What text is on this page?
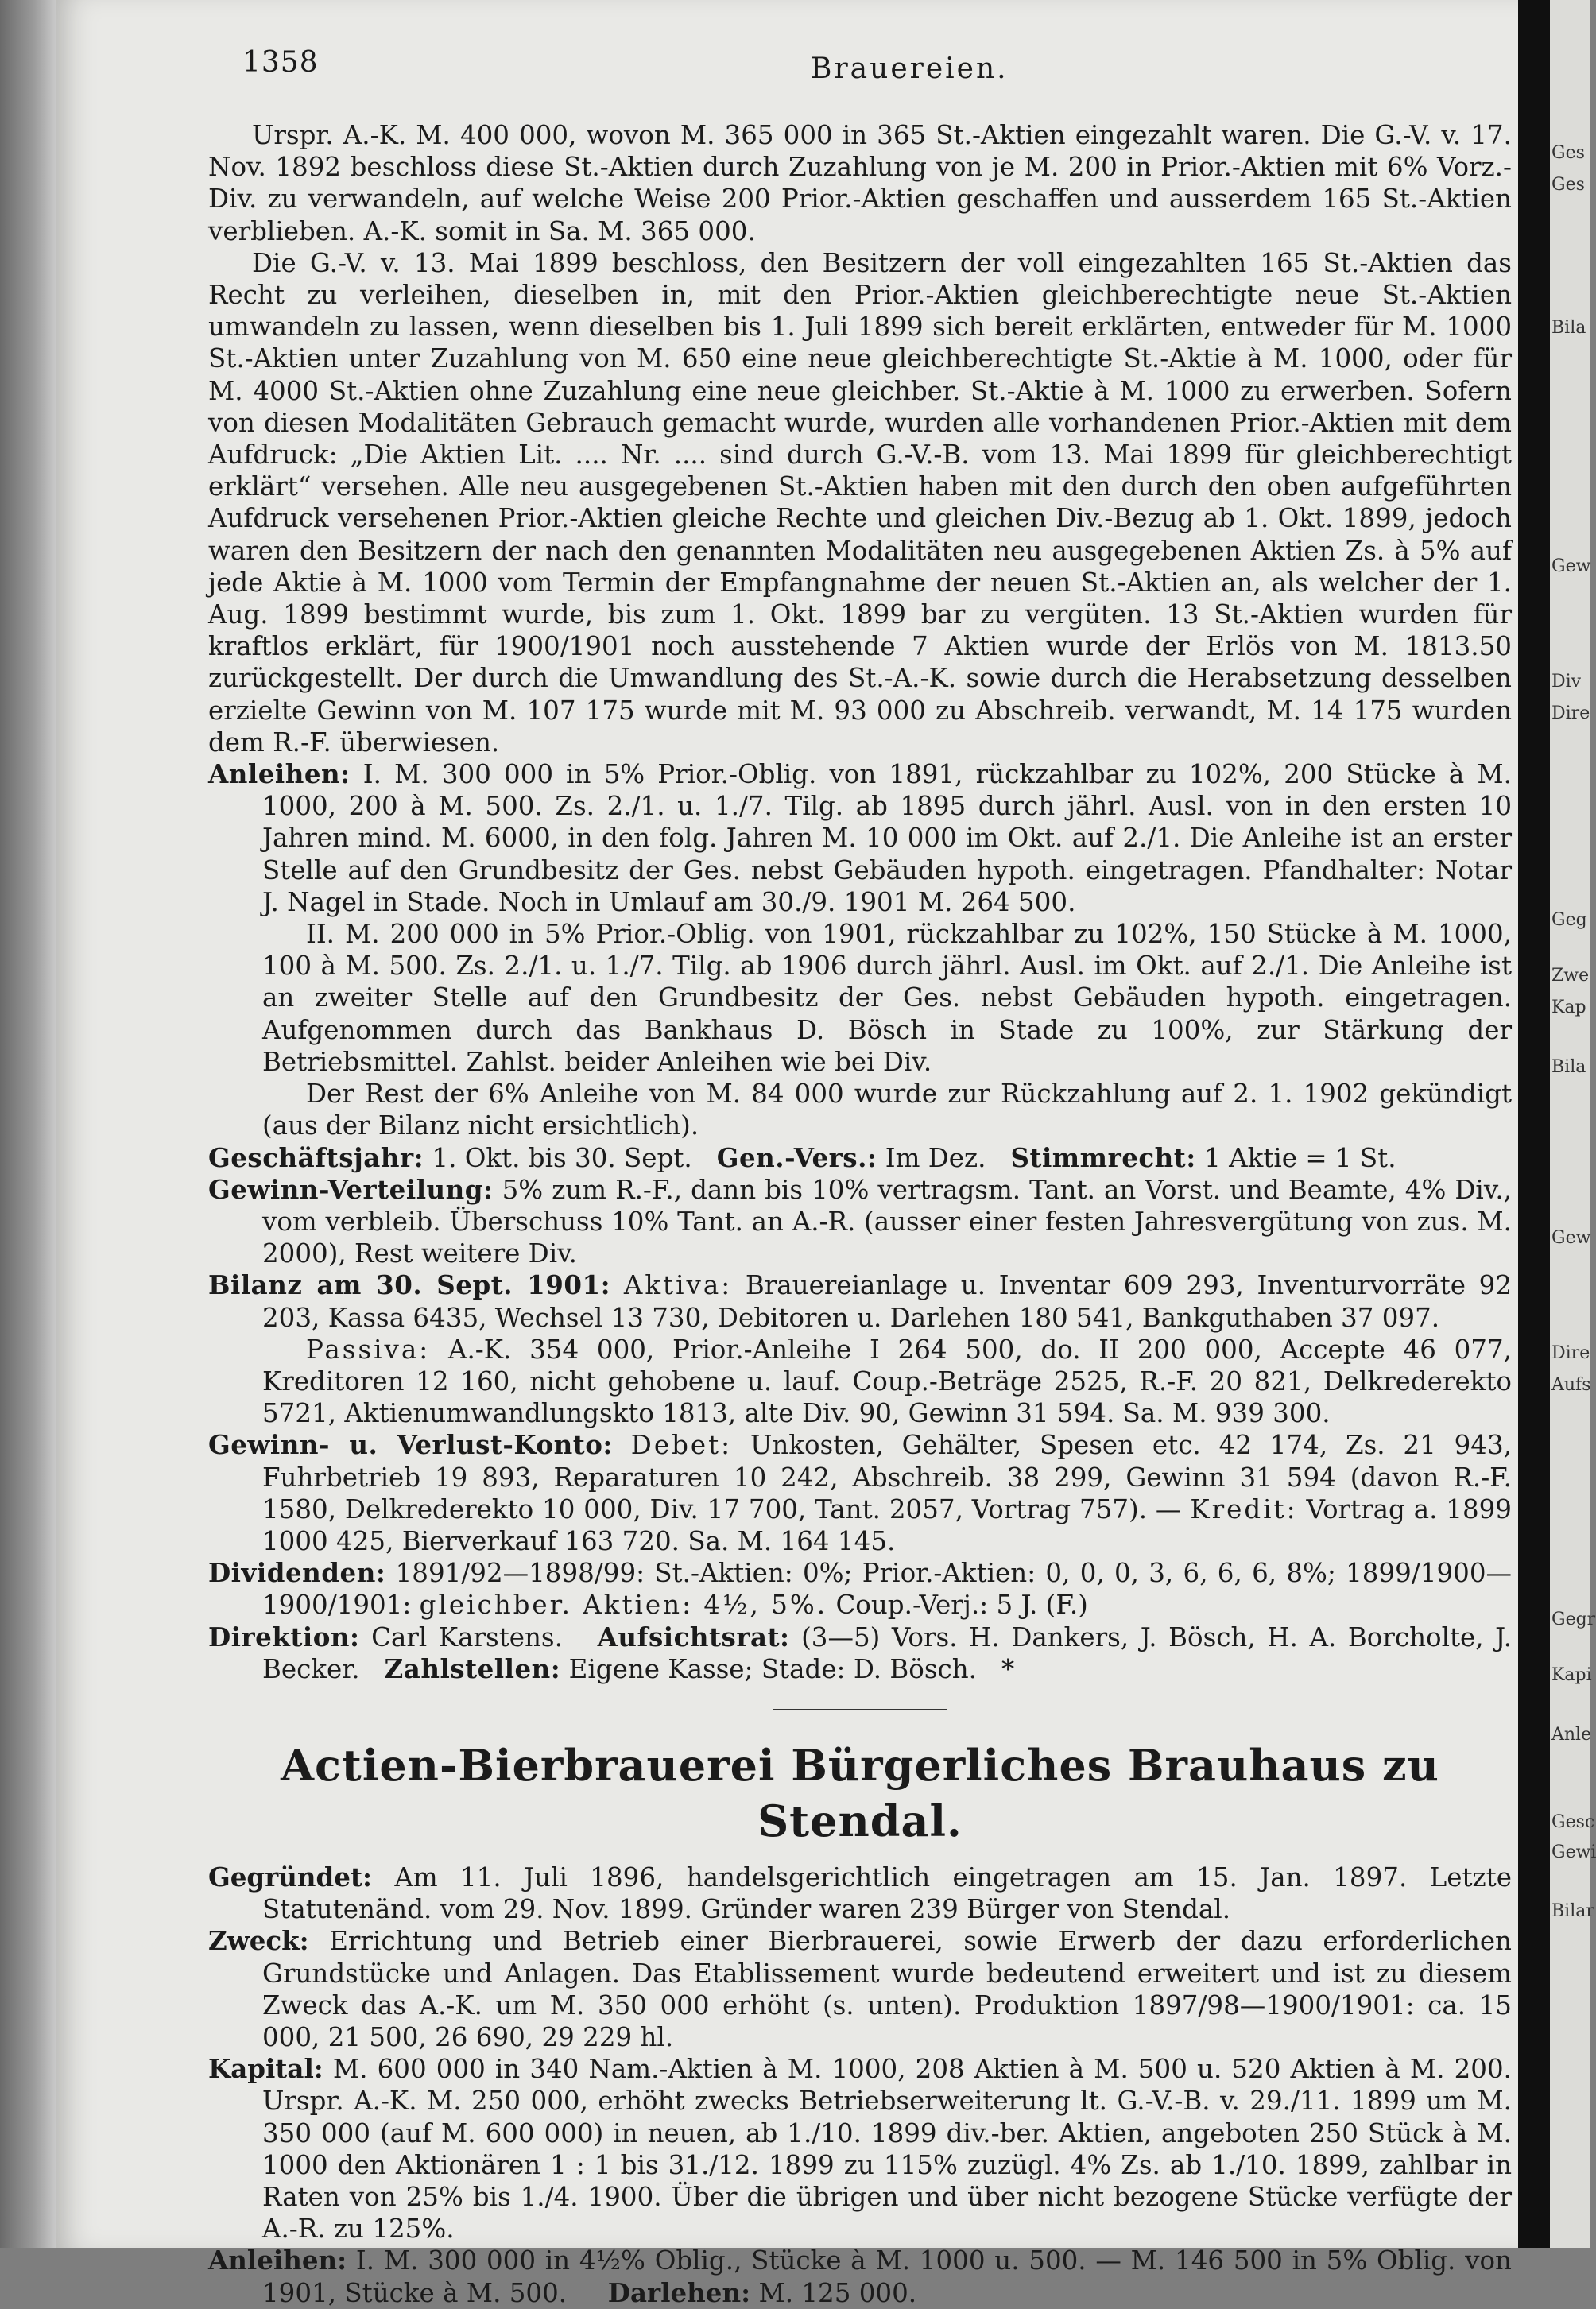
1358	Brauereien.

Urspr. A.-K. M. 400 000, wovon M. 365 000 in 365 St.-Aktien eingezahlt waren. Die G.-V. v. 17. Nov. 1892 beschloss diese St.-Aktien durch Zuzahlung von je M. 200 in Prior.-Aktien mit 6% Vorz.-Div. zu verwandeln, auf welche Weise 200 Prior.-Aktien geschaffen und ausserdem 165 St.-Aktien verblieben. A.-K. somit in Sa. M. 365 000.

Die G.-V. v. 13. Mai 1899 beschloss, den Besitzern der voll eingezahlten 165 St.-Aktien das Recht zu verleihen, dieselben in, mit den Prior.-Aktien gleichberechtigte neue St.-Aktien umwandeln zu lassen, wenn dieselben bis 1. Juli 1899 sich bereit erklärten, entweder für M. 1000 St.-Aktien unter Zuzahlung von M. 650 eine neue gleichberechtigte St.-Aktie à M. 1000, oder für M. 4000 St.-Aktien ohne Zuzahlung eine neue gleichber. St.-Aktie à M. 1000 zu erwerben. Sofern von diesen Modalitäten Gebrauch gemacht wurde, wurden alle vorhandenen Prior.-Aktien mit dem Aufdruck: „Die Aktien Lit. .... Nr. .... sind durch G.-V.-B. vom 13. Mai 1899 für gleichberechtigt erklärt“ versehen. Alle neu ausgegebenen St.-Aktien haben mit den durch den oben aufgeführten Aufdruck versehenen Prior.-Aktien gleiche Rechte und gleichen Div.-Bezug ab 1. Okt. 1899, jedoch waren den Besitzern der nach den genannten Modalitäten neu ausgegebenen Aktien Zs. à 5% auf jede Aktie à M. 1000 vom Termin der Empfangnahme der neuen St.-Aktien an, als welcher der 1. Aug. 1899 bestimmt wurde, bis zum 1. Okt. 1899 bar zu vergüten. 13 St.-Aktien wurden für kraftlos erklärt, für 1900/1901 noch ausstehende 7 Aktien wurde der Erlös von M. 1813.50 zurückgestellt. Der durch die Umwandlung des St.-A.-K. sowie durch die Herabsetzung desselben erzielte Gewinn von M. 107 175 wurde mit M. 93 000 zu Abschreib. verwandt, M. 14 175 wurden dem R.-F. überwiesen.

Anleihen: I. M. 300 000 in 5% Prior.-Oblig. von 1891, rückzahlbar zu 102%, 200 Stücke à M. 1000, 200 à M. 500. Zs. 2./1. u. 1./7. Tilg. ab 1895 durch jährl. Ausl. von in den ersten 10 Jahren mind. M. 6000, in den folg. Jahren M. 10 000 im Okt. auf 2./1. Die Anleihe ist an erster Stelle auf den Grundbesitz der Ges. nebst Gebäuden hypoth. eingetragen. Pfandhalter: Notar J. Nagel in Stade. Noch in Umlauf am 30./9. 1901 M. 264 500.

II. M. 200 000 in 5% Prior.-Oblig. von 1901, rückzahlbar zu 102%, 150 Stücke à M. 1000, 100 à M. 500. Zs. 2./1. u. 1./7. Tilg. ab 1906 durch jährl. Ausl. im Okt. auf 2./1. Die Anleihe ist an zweiter Stelle auf den Grundbesitz der Ges. nebst Gebäuden hypoth. eingetragen. Aufgenommen durch das Bankhaus D. Bösch in Stade zu 100%, zur Stärkung der Betriebsmittel. Zahlst. beider Anleihen wie bei Div.

Der Rest der 6% Anleihe von M. 84 000 wurde zur Rückzahlung auf 2. 1. 1902 gekündigt (aus der Bilanz nicht ersichtlich).

Geschäftsjahr: 1. Okt. bis 30. Sept. Gen.-Vers.: Im Dez. Stimmrecht: 1 Aktie = 1 St.
Gewinn-Verteilung: 5% zum R.-F., dann bis 10% vertragsm. Tant. an Vorst. und Beamte, 4% Div., vom verbleib. Überschuss 10% Tant. an A.-R. (ausser einer festen Jahresvergütung von zus. M. 2000), Rest weitere Div.
Bilanz am 30. Sept. 1901: Aktiva: Brauereianlage u. Inventar 609 293, Inventurvorräte 92 203, Kassa 6435, Wechsel 13 730, Debitoren u. Darlehen 180 541, Bankguthaben 37 097.

Passiva: A.-K. 354 000, Prior.-Anleihe I 264 500, do. II 200 000, Accepte 46 077, Kreditoren 12 160, nicht gehobene u. lauf. Coup.-Beträge 2525, R.-F. 20 821, Delkrederekto 5721, Aktienumwandlungskto 1813, alte Div. 90, Gewinn 31 594. Sa. M. 939 300.

Gewinn- u. Verlust-Konto: Debet: Unkosten, Gehälter, Spesen etc. 42 174, Zs. 21 943, Fuhrbetrieb 19 893, Reparaturen 10 242, Abschreib. 38 299, Gewinn 31 594 (davon R.-F. 1580, Delkrederekto 10 000, Div. 17 700, Tant. 2057, Vortrag 757). — Kredit: Vortrag a. 1899 1000 425, Bierverkauf 163 720. Sa. M. 164 145.
Dividenden: 1891/92—1898/99: St.-Aktien: 0%; Prior.-Aktien: 0, 0, 0, 3, 6, 6, 6, 8%; 1899/1900—1900/1901: gleichber. Aktien: 4½, 5%. Coup.-Verj.: 5 J. (F.)
Direktion: Carl Karstens. Aufsichtsrat: (3—5) Vors. H. Dankers, J. Bösch, H. A. Borcholte, J. Becker. Zahlstellen: Eigene Kasse; Stade: D. Bösch. *
Actien-Bierbrauerei Bürgerliches Brauhaus zu Stendal.
Gegründet: Am 11. Juli 1896, handelsgerichtlich eingetragen am 15. Jan. 1897. Letzte Statutenänd. vom 29. Nov. 1899. Gründer waren 239 Bürger von Stendal.
Zweck: Errichtung und Betrieb einer Bierbrauerei, sowie Erwerb der dazu erforderlichen Grundstücke und Anlagen. Das Etablissement wurde bedeutend erweitert und ist zu diesem Zweck das A.-K. um M. 350 000 erhöht (s. unten). Produktion 1897/98—1900/1901: ca. 15 000, 21 500, 26 690, 29 229 hl.
Kapital: M. 600 000 in 340 Nam.-Aktien à M. 1000, 208 Aktien à M. 500 u. 520 Aktien à M. 200. Urspr. A.-K. M. 250 000, erhöht zwecks Betriebserweiterung lt. G.-V.-B. v. 29./11. 1899 um M. 350 000 (auf M. 600 000) in neuen, ab 1./10. 1899 div.-ber. Aktien, angeboten 250 Stück à M. 1000 den Aktionären 1 : 1 bis 31./12. 1899 zu 115% zuzügl. 4% Zs. ab 1./10. 1899, zahlbar in Raten von 25% bis 1./4. 1900. Über die übrigen und über nicht bezogene Stücke verfügte der A.-R. zu 125%.
Anleihen: I. M. 300 000 in 4½% Oblig., Stücke à M. 1000 u. 500. — M. 146 500 in 5% Oblig. von 1901, Stücke à M. 500. Darlehen: M. 125 000.
Ges
Ges
Bila
Gew
Div
Dire
Geg
Zwe
Kap
Bila
Gew
Dire
Aufs
Gegr
Kapi
Anle
Gesc
Gewi
Bilar
